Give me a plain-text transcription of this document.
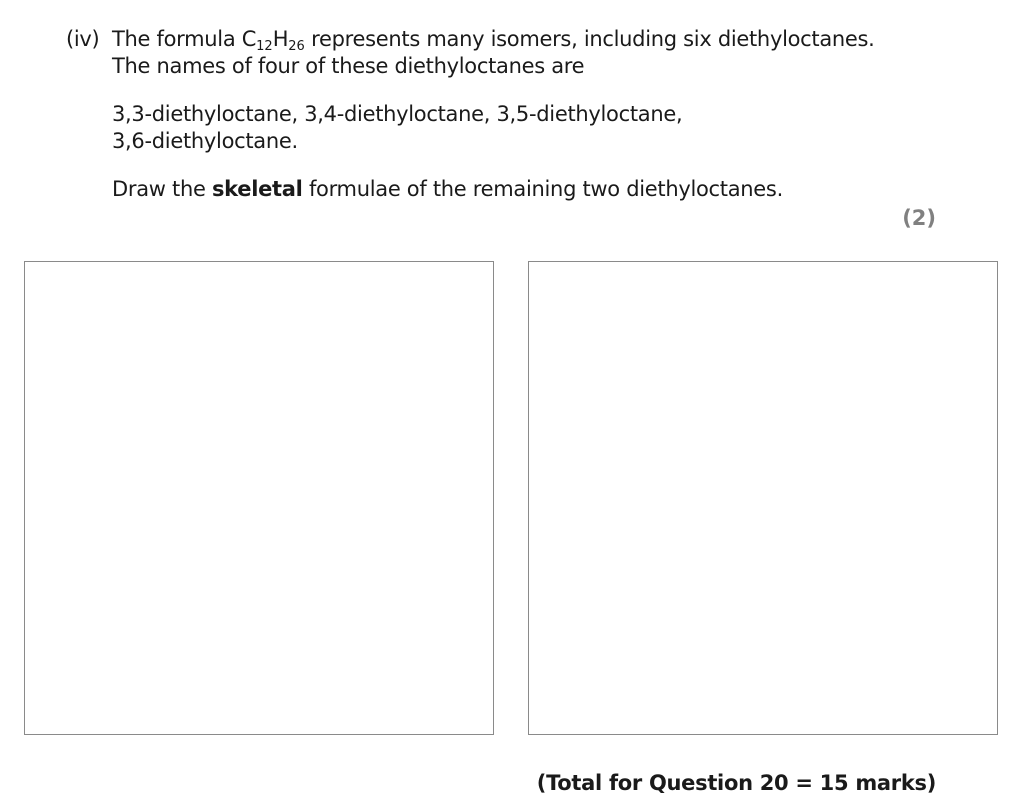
(iv) The formula $C_{12}H_{26}$ represents many isomers, including six diethyloctanes.
The names of four of these diethyloctanes are
3,3-diethyloctane, 3,4-diethyloctane, 3,5-diethyloctane,
3,6-diethyloctane.
Draw the skeletal formulae of the remaining two diethyloctanes.
(2)
(Total for Question 20 = 15 marks)
